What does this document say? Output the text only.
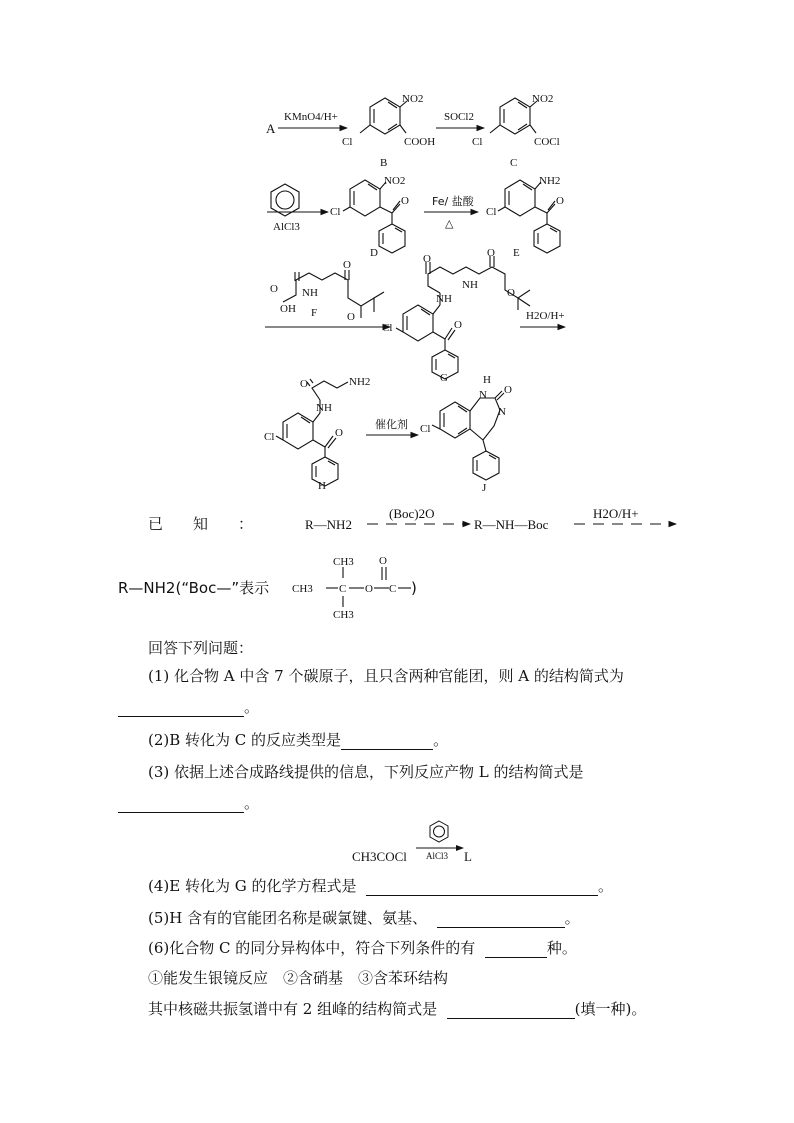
A
KMnO4/H+
NO2
Cl	COOH
B
SOCl2
NO2
Cl	COCl
C
AlCl3
NO2
Cl
O
D
Fe/ 盐酸
△
NH2
Cl
O
E
O
OH
NH
O
O
F
Cl
NH
NH
O	O
O
O
G
H2O/H+
O	NH2
NH
Cl	O
H
催化剂
H
N O
N
Cl
J
已　　知　　：	R—NH2
(Boc)2O
R—NH—Boc
H2O/H+
R—NH2(“Boc—”表示
CH3
CH3 C O
O
C
CH3
)
回答下列问题：
(1) 化合物 A 中含 7 个碳原子，且只含两种官能团，则 A 的结构简式为
。
(2)B 转化为 C 的反应类型是	。
(3) 依据上述合成路线提供的信息，下列反应产物 L 的结构简式是
。
CH3COCl AlCl3 L
(4)E 转化为 G 的化学方程式是	。
(5)H 含有的官能团名称是碳氯键、氨基、	。
(6)化合物 C 的同分异构体中，符合下列条件的有	种。
①能发生银镜反应　②含硝基　③含苯环结构
其中核磁共振氢谱中有 2 组峰的结构简式是	(填一种)。
